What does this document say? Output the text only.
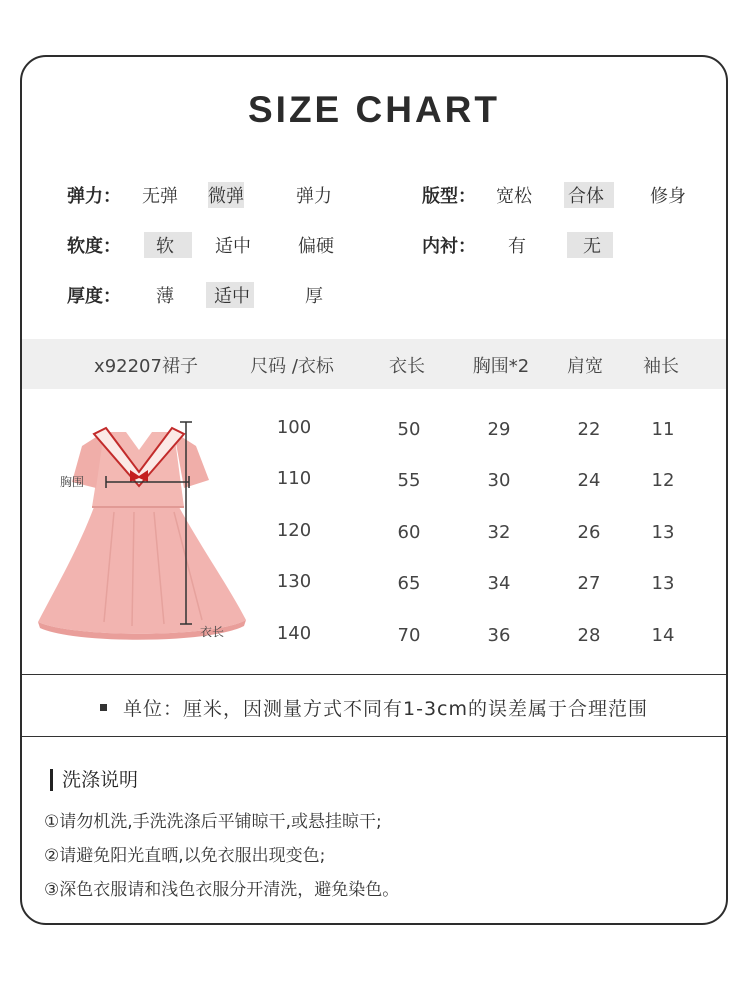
SIZE CHART
弹力： 无弹 微弹	弹力	版型： 宽松 合体	修身
软度：	软	适中	偏硬	内衬： 有	无
厚度： 薄	适中	厚
x92207裙子	尺码 /衣标	衣长	胸围*2 肩宽 袖长
胸围
衣长
100	50	29	22	11
110	55	30	24	12
120	60	32	26	13
130	65	34	27	13
140	70	36	28	14
单位：厘米，因测量方式不同有1-3cm的误差属于合理范围
洗涤说明
①请勿机洗,手洗洗涤后平铺晾干,或悬挂晾干;
②请避免阳光直晒,以免衣服出现变色;
③深色衣服请和浅色衣服分开清洗，避免染色。
